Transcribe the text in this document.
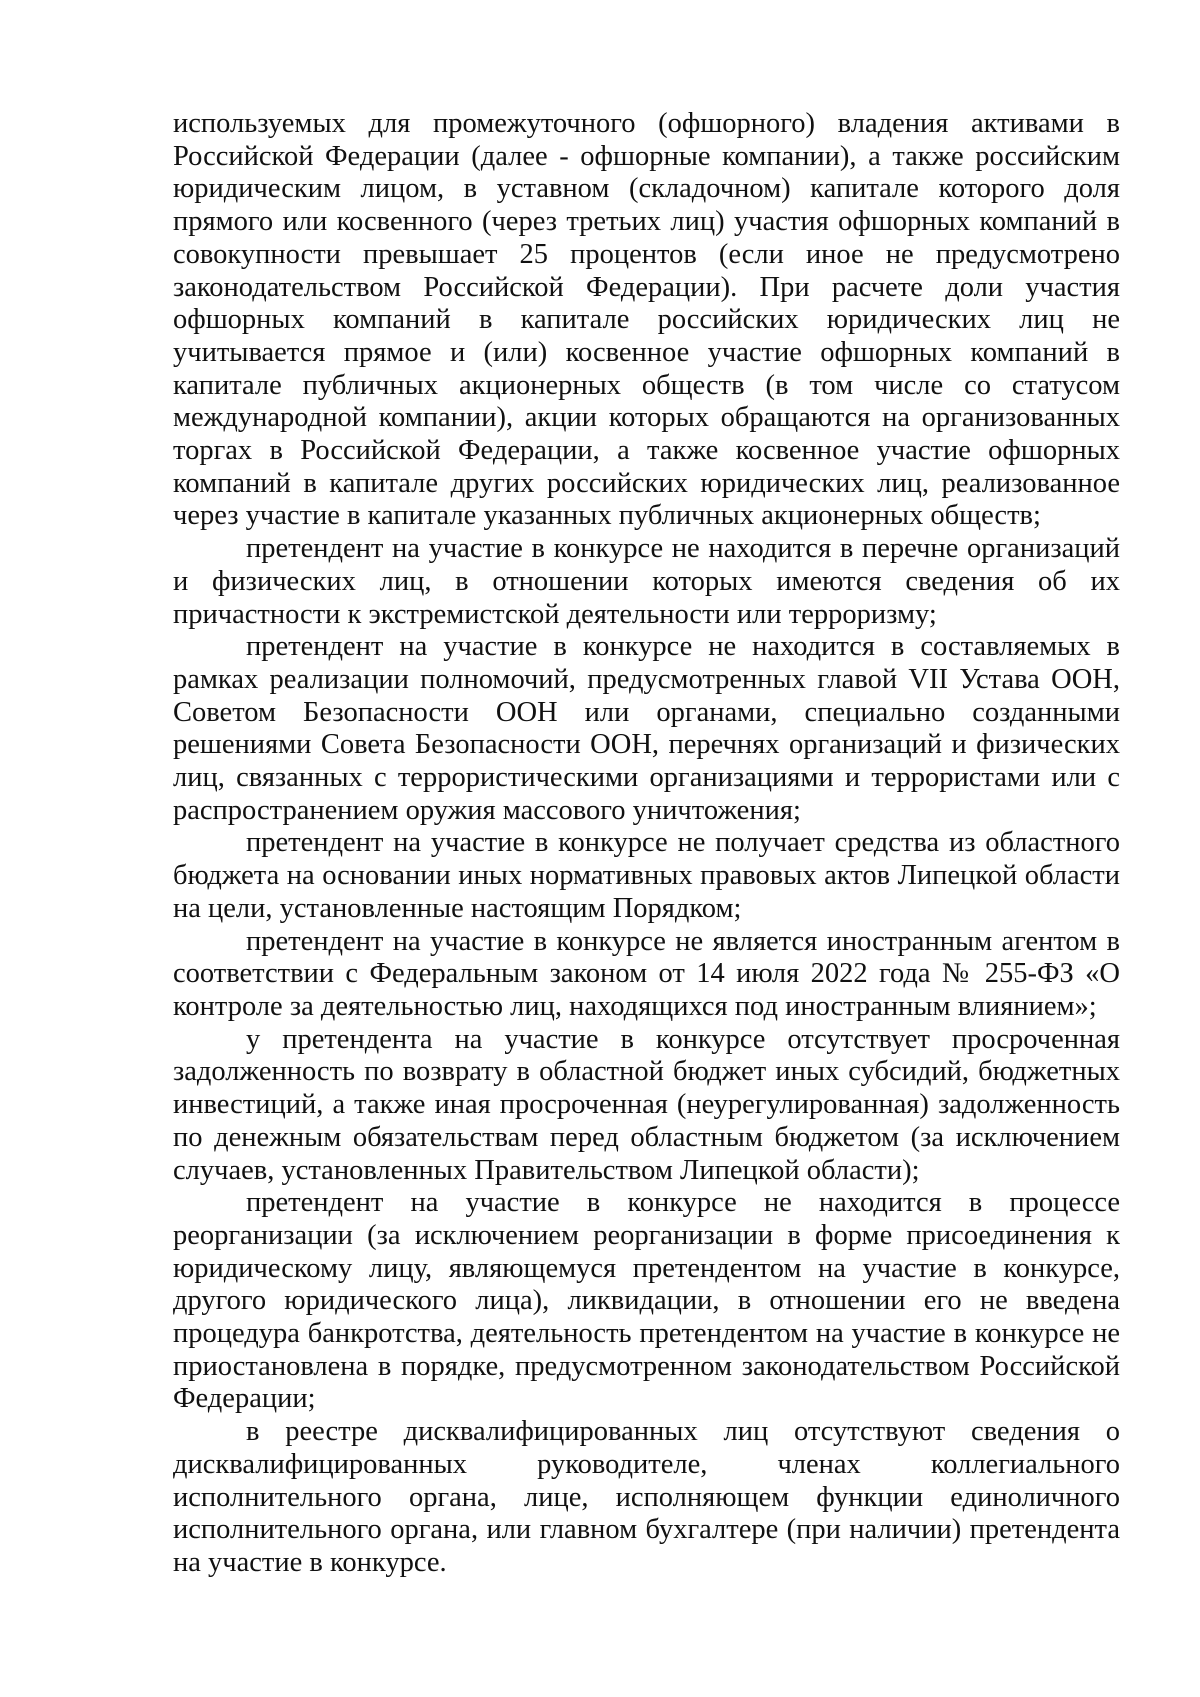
используемых для промежуточного (офшорного) владения активами в Российской Федерации (далее - офшорные компании), а также российским юридическим лицом, в уставном (складочном) капитале которого доля прямого или косвенного (через третьих лиц) участия офшорных компаний в совокупности превышает 25 процентов (если иное не предусмотрено законодательством Российской Федерации). При расчете доли участия офшорных компаний в капитале российских юридических лиц не учитывается прямое и (или) косвенное участие офшорных компаний в капитале публичных акционерных обществ (в том числе со статусом международной компании), акции которых обращаются на организованных торгах в Российской Федерации, а также косвенное участие офшорных компаний в капитале других российских юридических лиц, реализованное через участие в капитале указанных публичных акционерных обществ;

претендент на участие в конкурсе не находится в перечне организаций и физических лиц, в отношении которых имеются сведения об их причастности к экстремистской деятельности или терроризму;

претендент на участие в конкурсе не находится в составляемых в рамках реализации полномочий, предусмотренных главой VII Устава ООН, Советом Безопасности ООН или органами, специально созданными решениями Совета Безопасности ООН, перечнях организаций и физических лиц, связанных с террористическими организациями и террористами или с распространением оружия массового уничтожения;

претендент на участие в конкурсе не получает средства из областного бюджета на основании иных нормативных правовых актов Липецкой области на цели, установленные настоящим Порядком;

претендент на участие в конкурсе не является иностранным агентом в соответствии с Федеральным законом от 14 июля 2022 года № 255-ФЗ «О контроле за деятельностью лиц, находящихся под иностранным влиянием»;

у претендента на участие в конкурсе отсутствует просроченная задолженность по возврату в областной бюджет иных субсидий, бюджетных инвестиций, а также иная просроченная (неурегулированная) задолженность по денежным обязательствам перед областным бюджетом (за исключением случаев, установленных Правительством Липецкой области);

претендент на участие в конкурсе не находится в процессе реорганизации (за исключением реорганизации в форме присоединения к юридическому лицу, являющемуся претендентом на участие в конкурсе, другого юридического лица), ликвидации, в отношении его не введена процедура банкротства, деятельность претендентом на участие в конкурсе не приостановлена в порядке, предусмотренном законодательством Российской Федерации;

в реестре дисквалифицированных лиц отсутствуют сведения о дисквалифицированных руководителе, членах коллегиального исполнительного органа, лице, исполняющем функции единоличного исполнительного органа, или главном бухгалтере (при наличии) претендента на участие в конкурсе.
